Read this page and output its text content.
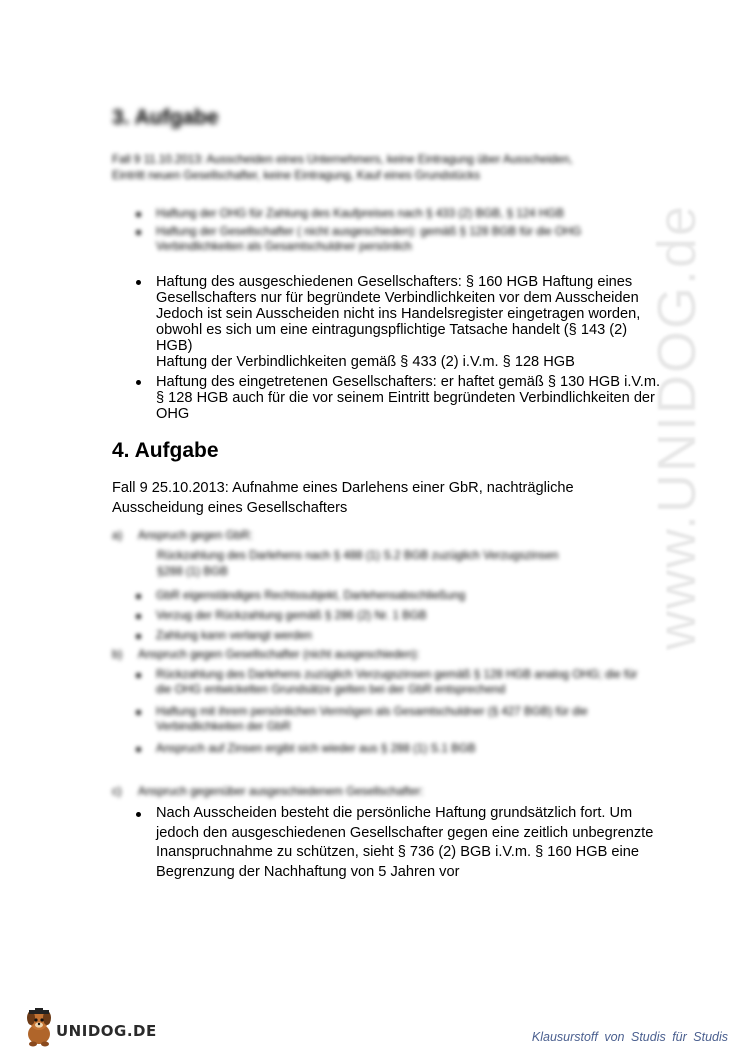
www.UNIDOG.de
3. Aufgabe

Fall 9 11.10.2013: Ausscheiden eines Unternehmers, keine Eintragung über Ausscheiden, Eintritt neuen Gesellschafter, keine Eintragung, Kauf eines Grundstücks

Haftung der OHG für Zahlung des Kaufpreises nach § 433 (2) BGB, § 124 HGB
Haftung der Gesellschafter ( nicht ausgeschieden): gemäß § 128 BGB für die OHG Verbindlichkeiten als Gesamtschuldner persönlich
Haftung des ausgeschiedenen Gesellschafters: § 160 HGB Haftung eines
Gesellschafters nur für begründete Verbindlichkeiten vor dem Ausscheiden
Jedoch ist sein Ausscheiden nicht ins Handelsregister eingetragen worden,
obwohl es sich um eine eintragungspflichtige Tatsache handelt (§ 143 (2)
HGB)
Haftung der Verbindlichkeiten gemäß § 433 (2) i.V.m. § 128 HGB
Haftung des eingetretenen Gesellschafters: er haftet gemäß § 130 HGB i.V.m.
§ 128 HGB auch für die vor seinem Eintritt begründeten Verbindlichkeiten der
OHG
4. Aufgabe
Fall 9 25.10.2013: Aufnahme eines Darlehens einer GbR, nachträgliche
Ausscheidung eines Gesellschafters
a) Anspruch gegen GbR:
Rückzahlung des Darlehens nach § 488 (1) S.2 BGB zuzüglich Verzugszinsen
§288 (1) BGB
GbR eigenständiges Rechtssubjekt, Darlehensabschließung
Verzug der Rückzahlung gemäß § 286 (2) Nr. 1 BGB
Zahlung kann verlangt werden
b) Anspruch gegen Gesellschafter (nicht ausgeschieden):
Rückzahlung des Darlehens zuzüglich Verzugszinsen gemäß § 128 HGB analog OHG; die für die OHG entwickelten Grundsätze gelten bei der GbR entsprechend
Haftung mit ihrem persönlichen Vermögen als Gesamtschuldner (§ 427 BGB) für die Verbindlichkeiten der GbR
Anspruch auf Zinsen ergibt sich wieder aus § 288 (1) S.1 BGB
c) Anspruch gegenüber ausgeschiedenem Gesellschafter:
Nach Ausscheiden besteht die persönliche Haftung grundsätzlich fort. Um
jedoch den ausgeschiedenen Gesellschafter gegen eine zeitlich unbegrenzte
Inanspruchnahme zu schützen, sieht § 736 (2) BGB i.V.m. § 160 HGB eine
Begrenzung der Nachhaftung von 5 Jahren vor
UNIDOG.DE	Klausurstoff von Studis für Studis
